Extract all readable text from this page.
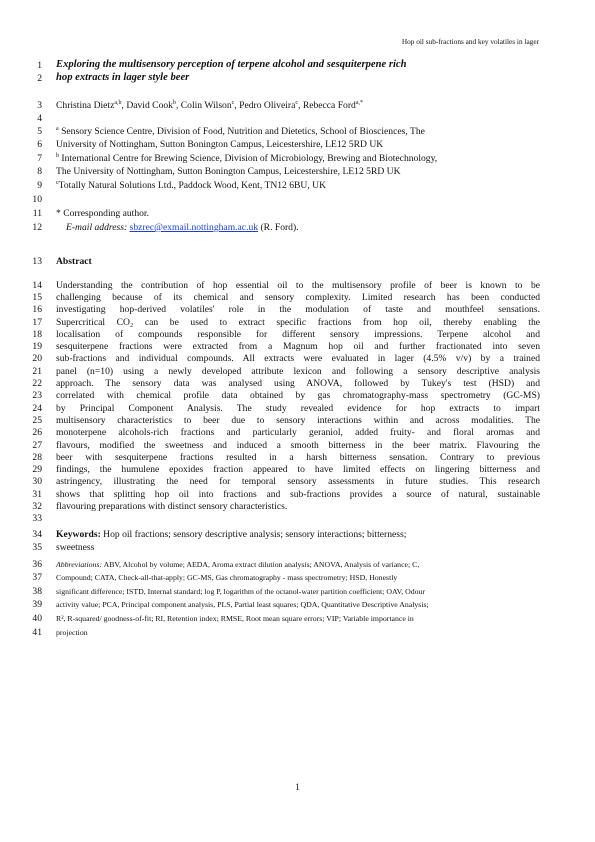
Hop oil sub-fractions and key volatiles in lager
1
2
3
4
5
6
7
8
9
10
11
12
13
14
15
16
17
18
19
20
21
22
23
24
25
26
27
28
29
30
31
32
33
34
35
36
37
38
39
40
41
Exploring the multisensory perception of terpene alcohol and sesquiterpene rich
hop extracts in lager style beer
Christina Dietz$^{a,b}$, David Cook$^b$, Colin Wilson$^c$, Pedro Oliveira$^c$, Rebecca Ford$^{a,*}$
$^a$ Sensory Science Centre, Division of Food, Nutrition and Dietetics, School of Biosciences, The
University of Nottingham, Sutton Bonington Campus, Leicestershire, LE12 5RD UK
$^b$ International Centre for Brewing Science, Division of Microbiology, Brewing and Biotechnology,
The University of Nottingham, Sutton Bonington Campus, Leicestershire, LE12 5RD UK
$^c$Totally Natural Solutions Ltd., Paddock Wood, Kent, TN12 6BU, UK
* Corresponding author.
E-mail address: sbzrec@exmail.nottingham.ac.uk (R. Ford).
Abstract
Understanding the contribution of hop essential oil to the multisensory profile of beer is known to be
challenging because of its chemical and sensory complexity. Limited research has been conducted
investigating hop-derived volatiles' role in the modulation of taste and mouthfeel sensations.
Supercritical CO₂ can be used to extract specific fractions from hop oil, thereby enabling the
localisation of compounds responsible for different sensory impressions. Terpene alcohol and
sesquiterpene fractions were extracted from a Magnum hop oil and further fractionated into seven
sub-fractions and individual compounds. All extracts were evaluated in lager (4.5% v/v) by a trained
panel (n=10) using a newly developed attribute lexicon and following a sensory descriptive analysis
approach. The sensory data was analysed using ANOVA, followed by Tukey's test (HSD) and
correlated with chemical profile data obtained by gas chromatography-mass spectrometry (GC-MS)
by Principal Component Analysis. The study revealed evidence for hop extracts to impart
multisensory characteristics to beer due to sensory interactions within and across modalities. The
monoterpene alcohols-rich fractions and particularly geraniol, added fruity- and floral aromas and
flavours, modified the sweetness and induced a smooth bitterness in the beer matrix. Flavouring the
beer with sesquiterpene fractions resulted in a harsh bitterness sensation. Contrary to previous
findings, the humulene epoxides fraction appeared to have limited effects on lingering bitterness and
astringency, illustrating the need for temporal sensory assessments in future studies. This research
shows that splitting hop oil into fractions and sub-fractions provides a source of natural, sustainable
flavouring preparations with distinct sensory characteristics.
Keywords: Hop oil fractions; sensory descriptive analysis; sensory interactions; bitterness;
sweetness
Abbreviations: ABV, Alcohol by volume; AEDA, Aroma extract dilution analysis; ANOVA, Analysis of variance; C,
Compound; CATA, Check-all-that-apply; GC-MS, Gas chromatography - mass spectrometry; HSD, Honestly
significant difference; ISTD, Internal standard; log P, logarithm of the octanol-water partition coefficient; OAV, Odour
activity value; PCA, Principal component analysis, PLS, Partial least squares; QDA, Quantitative Descriptive Analysis;
R², R-squared/ goodness-of-fit; RI, Retention index; RMSE, Root mean square errors; VIP; Variable importance in
projection
1
